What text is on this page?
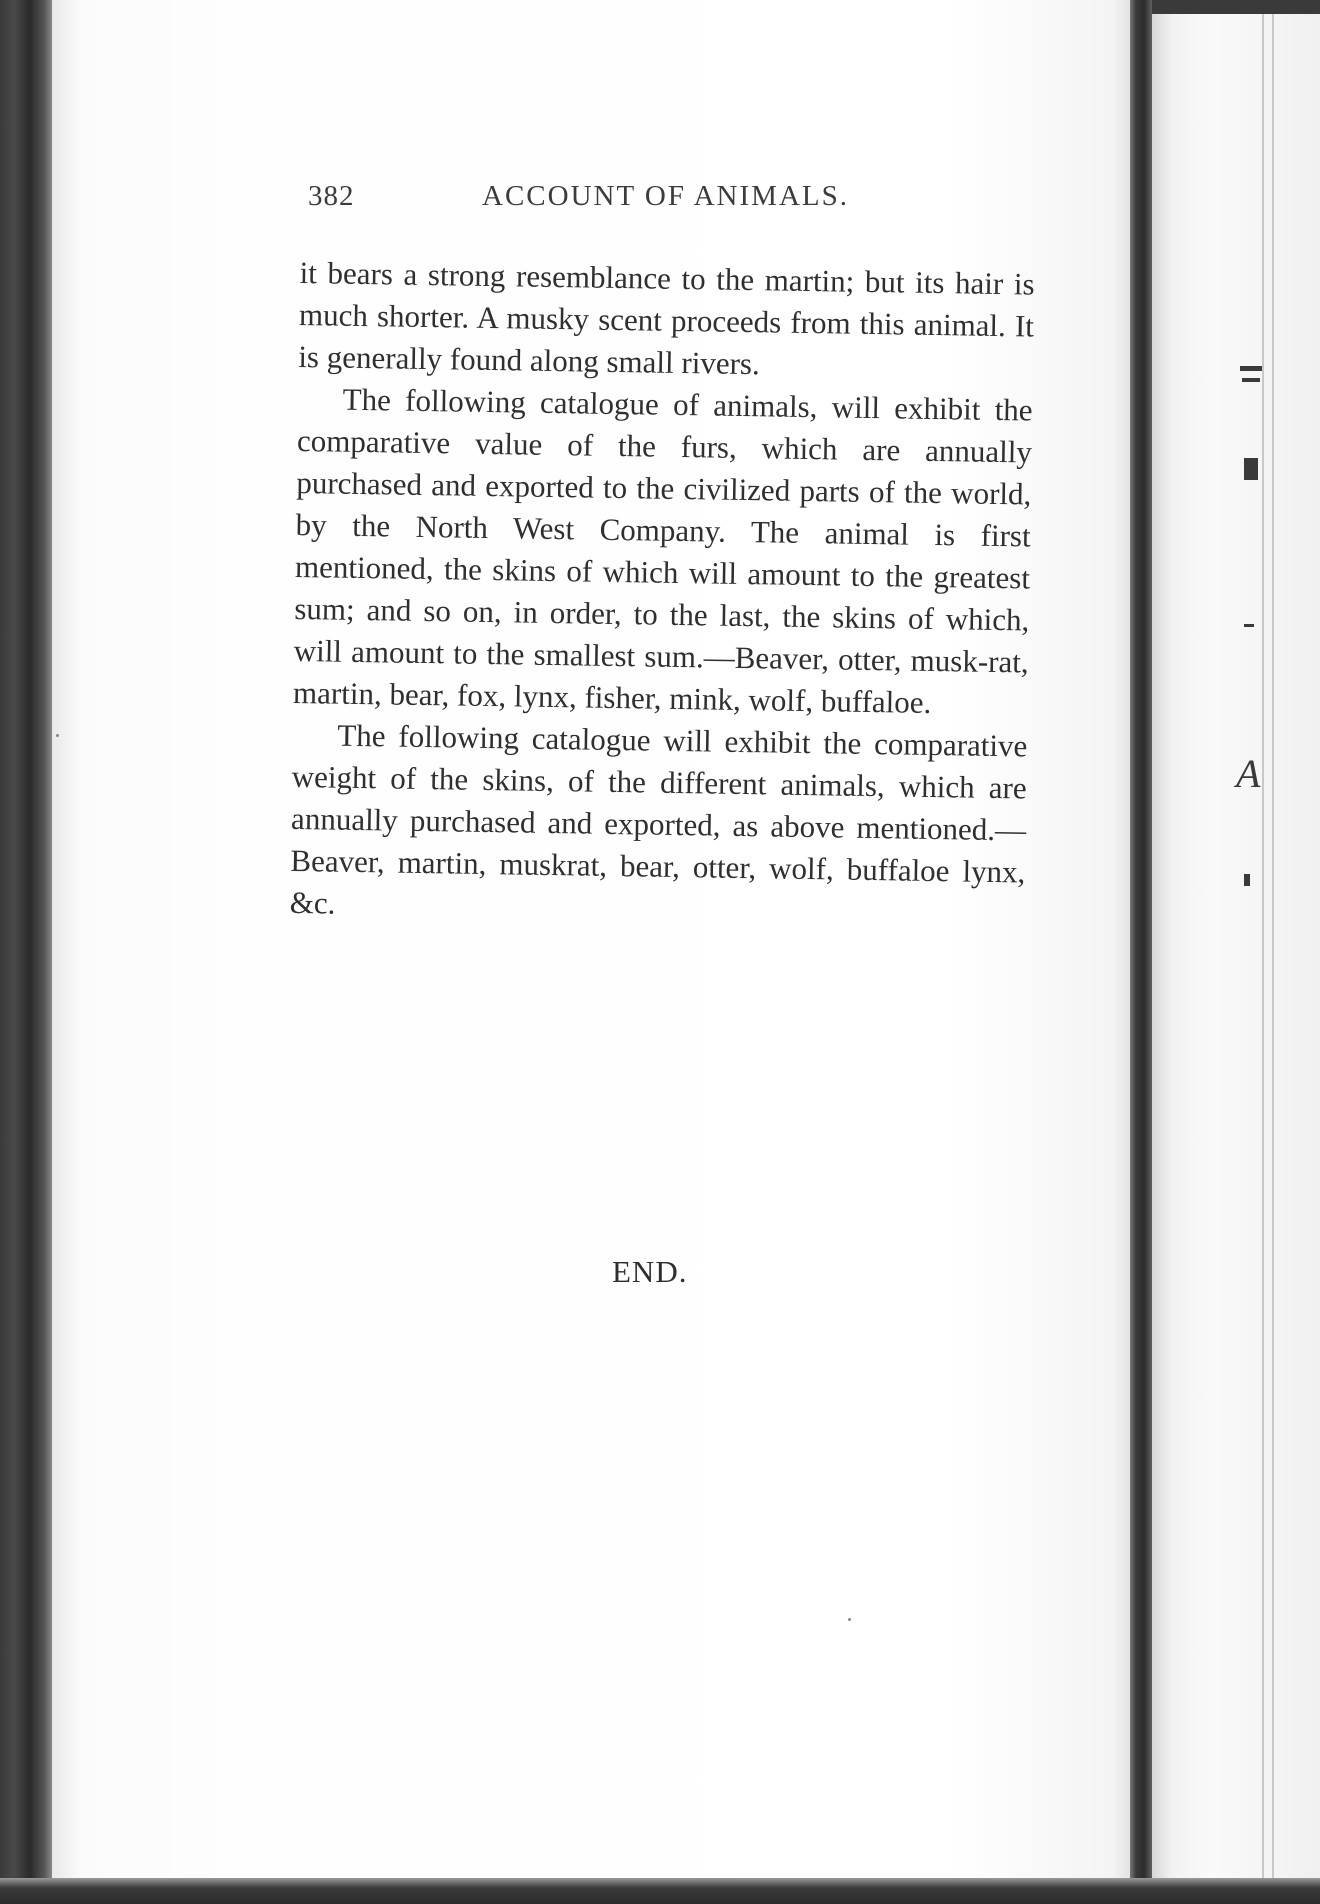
A
382	ACCOUNT OF ANIMALS.

it bears a strong resemblance to the martin; but its hair is much shorter. A musky scent proceeds from this animal. It is generally found along small rivers.

The following catalogue of animals, will exhibit the comparative value of the furs, which are annually purchased and exported to the civilized parts of the world, by the North West Company. The animal is first mentioned, the skins of which will amount to the greatest sum; and so on, in order, to the last, the skins of which, will amount to the smallest sum.—Beaver, otter, musk-rat, martin, bear, fox, lynx, fisher, mink, wolf, buffaloe.

The following catalogue will exhibit the comparative weight of the skins, of the different animals, which are annually purchased and exported, as above mentioned.—Beaver, martin, muskrat, bear, otter, wolf, buffaloe lynx, &c.

END.
